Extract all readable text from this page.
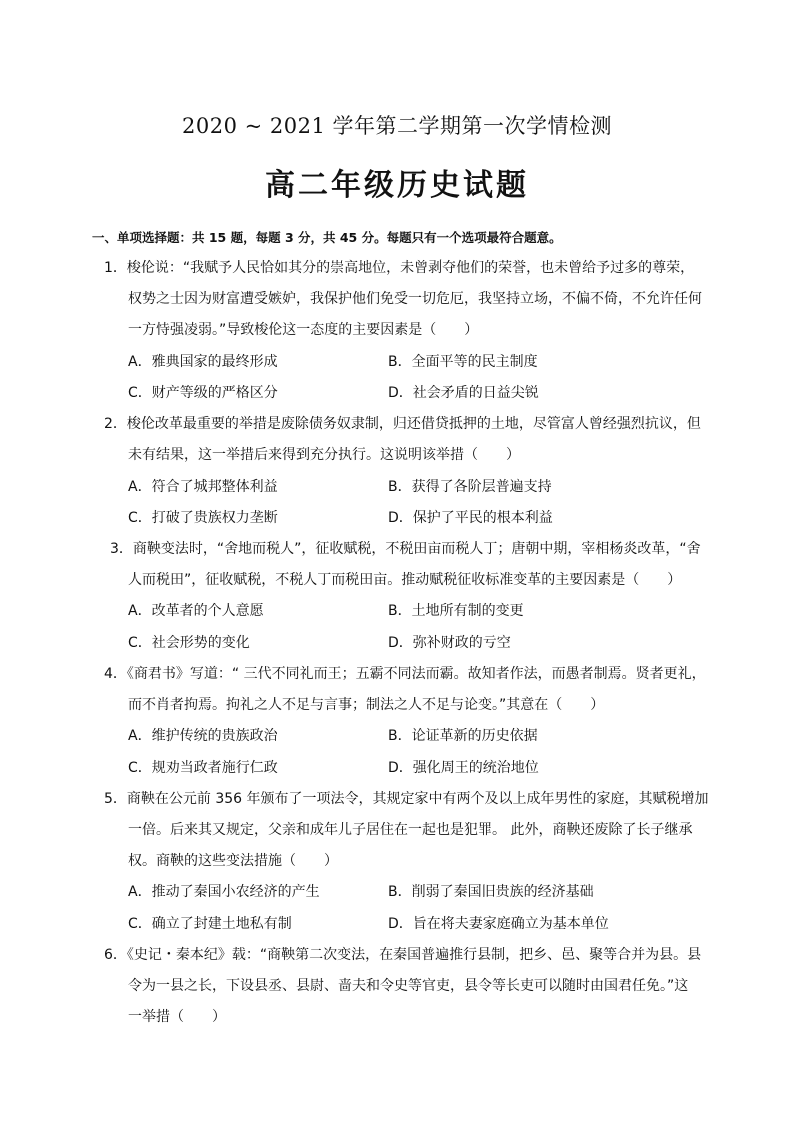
2020 ~ 2021 学年第二学期第一次学情检测
高二年级历史试题
一、单项选择题：共 15 题，每题 3 分，共 45 分。每题只有一个选项最符合题意。
1．梭伦说：“我赋予人民恰如其分的崇高地位，未曾剥夺他们的荣誉，也未曾给予过多的尊荣，
权势之士因为财富遭受嫉妒，我保护他们免受一切危厄，我坚持立场，不偏不倚，不允许任何
一方恃强凌弱。”导致梭伦这一态度的主要因素是（　　）
A．雅典国家的最终形成	B．全面平等的民主制度
C．财产等级的严格区分	D．社会矛盾的日益尖锐
2．梭伦改革最重要的举措是废除债务奴隶制，归还借贷抵押的土地，尽管富人曾经强烈抗议，但
未有结果，这一举措后来得到充分执行。这说明该举措（　　）
A．符合了城邦整体利益	B．获得了各阶层普遍支持
C．打破了贵族权力垄断	D．保护了平民的根本利益
3．商鞅变法时，“舍地而税人”，征收赋税，不税田亩而税人丁；唐朝中期，宰相杨炎改革，“舍
人而税田”，征收赋税，不税人丁而税田亩。推动赋税征收标准变革的主要因素是（　　）
A．改革者的个人意愿	B．土地所有制的变更
C．社会形势的变化	D．弥补财政的亏空
4．《商君书》写道：“ 三代不同礼而王；五霸不同法而霸。故知者作法，而愚者制焉。贤者更礼，
而不肖者拘焉。拘礼之人不足与言事；制法之人不足与论变。”其意在（　　）
A．维护传统的贵族政治	B．论证革新的历史依据
C．规劝当政者施行仁政	D．强化周王的统治地位
5．商鞅在公元前 356 年颁布了一项法令，其规定家中有两个及以上成年男性的家庭，其赋税增加
一倍。后来其又规定，父亲和成年儿子居住在一起也是犯罪。 此外，商鞅还废除了长子继承
权。商鞅的这些变法措施（　　）
A．推动了秦国小农经济的产生	B．削弱了秦国旧贵族的经济基础
C．确立了封建土地私有制	D．旨在将夫妻家庭确立为基本单位
6．《史记・秦本纪》载：“商鞅第二次变法，在秦国普遍推行县制，把乡、邑、聚等合并为县。县
令为一县之长，下设县丞、县尉、啬夫和令史等官吏，县令等长吏可以随时由国君任免。”这
一举措（　　）
